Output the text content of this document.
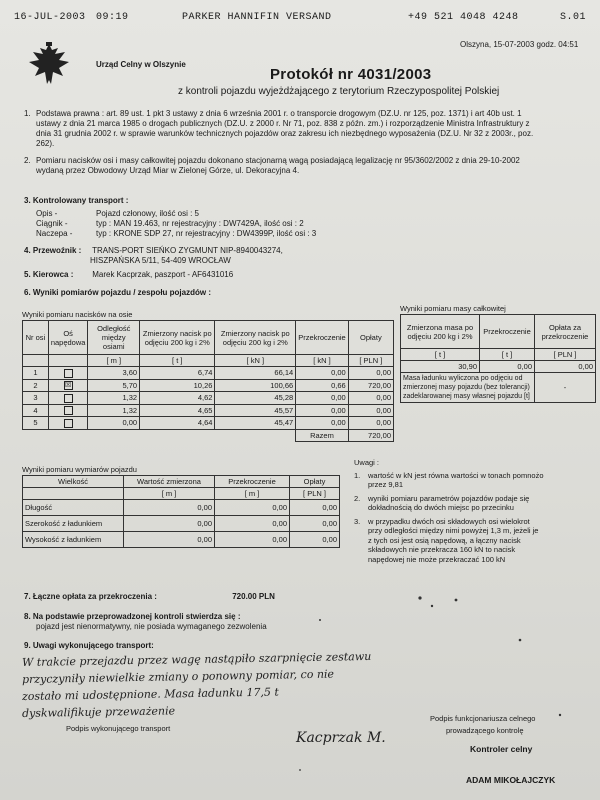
16-JUL-2003 09:19	PARKER HANNIFIN VERSAND	+49 521 4048 4248	S.01
Urząd Celny w Olszynie
Olszyna, 15-07-2003 godz. 04:51
Protokół nr 4031/2003
z kontroli pojazdu wyjeżdżającego z terytorium Rzeczypospolitej Polskiej
1. Podstawa prawna : art. 89 ust. 1 pkt 3 ustawy z dnia 6 września 2001 r. o transporcie drogowym (DZ.U. nr 125, poz. 1371) i art 40b ust. 1
ustawy z dnia 21 marca 1985 o drogach publicznych (DZ.U. z 2000 r. Nr 71, poz. 838 z późn. zm.) i rozporządzenie Ministra Infrastruktury z
dnia 31 grudnia 2002 r. w sprawie warunków technicznych pojazdów oraz zakresu ich niezbędnego wyposażenia (DZ.U. Nr 32 z 2003r., poz.
262).
2. Pomiaru nacisków osi i masy całkowitej pojazdu dokonano stacjonarną wagą posiadającą legalizację nr 95/3602/2002 z dnia 29-10-2002
wydaną przez Obwodowy Urząd Miar w Zielonej Górze, ul. Dekoracyjna 4.
3. Kontrolowany transport :
Opis -	Pojazd członowy, ilość osi : 5
Ciągnik -	typ : MAN 19.463, nr rejestracyjny : DW7429A, ilość osi : 2
Naczepa -	typ : KRONE SDP 27, nr rejestracyjny : DW4399P, ilość osi : 3
4. Przewoźnik : TRANS-PORT SIEŃKO ZYGMUNT NIP-8940043274,
HISZPAŃSKA 5/11, 54-409 WROCŁAW
5. Kierowca : Marek Kacprzak, paszport - AF6431016
6. Wyniki pomiarów pojazdu / zespołu pojazdów :
Wyniki pomiaru nacisków na osie
Nr osi	Oś napędowa	Odległość między osiami	Zmierzony nacisk po odjęciu 200 kg i 2%	Zmierzony nacisk po odjęciu 200 kg i 2%	Przekroczenie	Opłaty
		[ m ]	[ t ]	[ kN ]	[ kN ]	[ PLN ]
1		3,60	6,74	66,14	0,00	0,00
2	☒	5,70	10,26	100,66	0,66	720,00
3		1,32	4,62	45,28	0,00	0,00
4		1,32	4,65	45,57	0,00	0,00
5		0,00	4,64	45,47	0,00	0,00
					Razem	720,00
Wyniki pomiaru masy całkowitej
Zmierzona masa po odjęciu 200 kg i 2%	Przekroczenie	Opłata za przekroczenie
[ t ]	[ t ]	[ PLN ]
30,90	0,00	0,00
Masa ładunku wyliczona po odjęciu od zmierzonej masy pojazdu (bez tolerancji) zadeklarowanej masy własnej pojazdu [t]		-
Wyniki pomiaru wymiarów pojazdu
Wielkość	Wartość zmierzona	Przekroczenie	Opłaty
	[ m ]	[ m ]	[ PLN ]
Długość	0,00	0,00	0,00
Szerokość z ładunkiem	0,00	0,00	0,00
Wysokość z ładunkiem	0,00	0,00	0,00
Uwagi :
1. wartość w kN jest równa wartości w tonach pomnożo
przez 9,81
2. wyniki pomiaru parametrów pojazdów podaje się
dokładnością do dwóch miejsc po przecinku
3. w przypadku dwóch osi składowych osi wielokrot
przy odległości między nimi powyżej 1,3 m, jeżeli je
z tych osi jest osią napędową, a łączny nacisk
składowych nie przekracza 160 kN to nacisk
napędowej nie może przekraczać 100 kN
7. Łączne opłata za przekroczenia :	720.00 PLN
8. Na podstawie przeprowadzonej kontroli stwierdza się :
pojazd jest nienormatywny, nie posiada wymaganego zezwolenia
9. Uwagi wykonującego transport:
W trakcie przejazdu przez wagę nastąpiło szarpnięcie zestawu
przyczyniły niewielkie zmiany o ponowny pomiar, co nie
zostało mi udostępnione. Masa ładunku 17,5 t
dyskwalifikuje przeważenie
Podpis wykonującego transport
Kacprzak M.
Podpis funkcjonariusza celnego
prowadzącego kontrolę
Kontroler celny
ADAM MIKOŁAJCZYK
